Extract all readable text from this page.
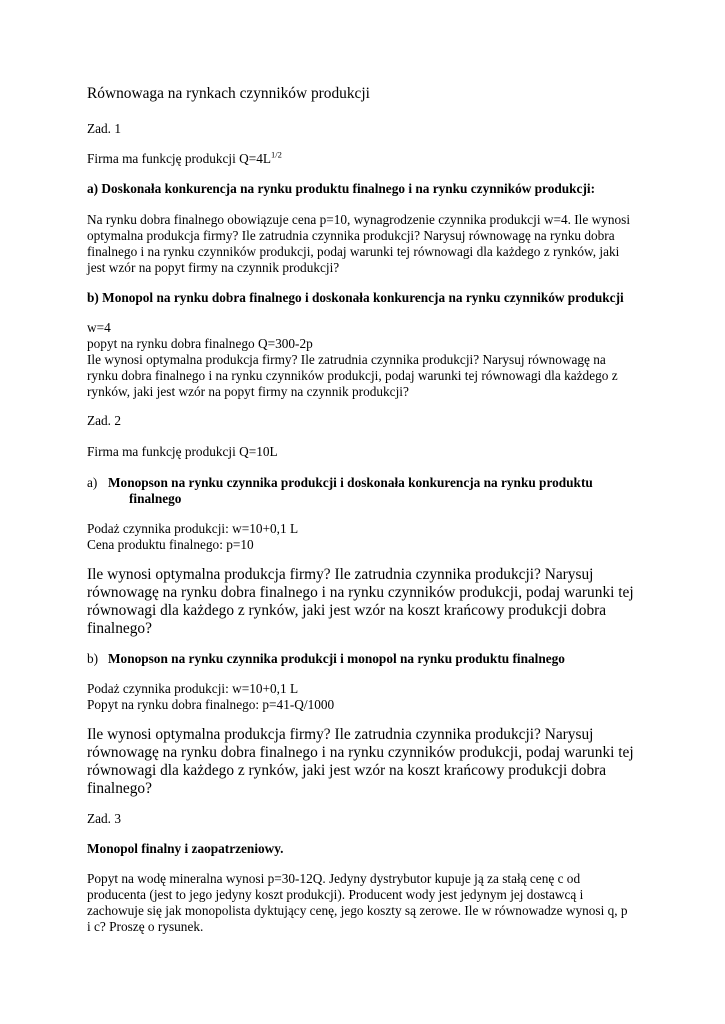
Równowaga na rynkach czynników produkcji
Zad. 1
Firma ma funkcję produkcji $Q=4L^{1/2}$
a) Doskonała konkurencja na rynku produktu finalnego i na rynku czynników produkcji:
Na rynku dobra finalnego obowiązuje cena p=10, wynagrodzenie czynnika produkcji w=4. Ile wynosi
optymalna produkcja firmy? Ile zatrudnia czynnika produkcji? Narysuj równowagę na rynku dobra
finalnego i na rynku czynników produkcji, podaj warunki tej równowagi dla każdego z rynków, jaki
jest wzór na popyt firmy na czynnik produkcji?
b) Monopol na rynku dobra finalnego i doskonała konkurencja na rynku czynników produkcji
w=4
popyt na rynku dobra finalnego Q=300-2p
Ile wynosi optymalna produkcja firmy? Ile zatrudnia czynnika produkcji? Narysuj równowagę na
rynku dobra finalnego i na rynku czynników produkcji, podaj warunki tej równowagi dla każdego z
rynków, jaki jest wzór na popyt firmy na czynnik produkcji?
Zad. 2
Firma ma funkcję produkcji Q=10L
a) Monopson na rynku czynnika produkcji i doskonała konkurencja na rynku produktu
finalnego
Podaż czynnika produkcji: w=10+0,1 L
Cena produktu finalnego: p=10
Ile wynosi optymalna produkcja firmy? Ile zatrudnia czynnika produkcji? Narysuj
równowagę na rynku dobra finalnego i na rynku czynników produkcji, podaj warunki tej
równowagi dla każdego z rynków, jaki jest wzór na koszt krańcowy produkcji dobra
finalnego?
b) Monopson na rynku czynnika produkcji i monopol na rynku produktu finalnego
Podaż czynnika produkcji: w=10+0,1 L
Popyt na rynku dobra finalnego: p=41-Q/1000
Ile wynosi optymalna produkcja firmy? Ile zatrudnia czynnika produkcji? Narysuj
równowagę na rynku dobra finalnego i na rynku czynników produkcji, podaj warunki tej
równowagi dla każdego z rynków, jaki jest wzór na koszt krańcowy produkcji dobra
finalnego?
Zad. 3
Monopol finalny i zaopatrzeniowy.
Popyt na wodę mineralna wynosi p=30-12Q. Jedyny dystrybutor kupuje ją za stałą cenę c od
producenta (jest to jego jedyny koszt produkcji). Producent wody jest jedynym jej dostawcą i
zachowuje się jak monopolista dyktujący cenę, jego koszty są zerowe. Ile w równowadze wynosi q, p
i c? Proszę o rysunek.
